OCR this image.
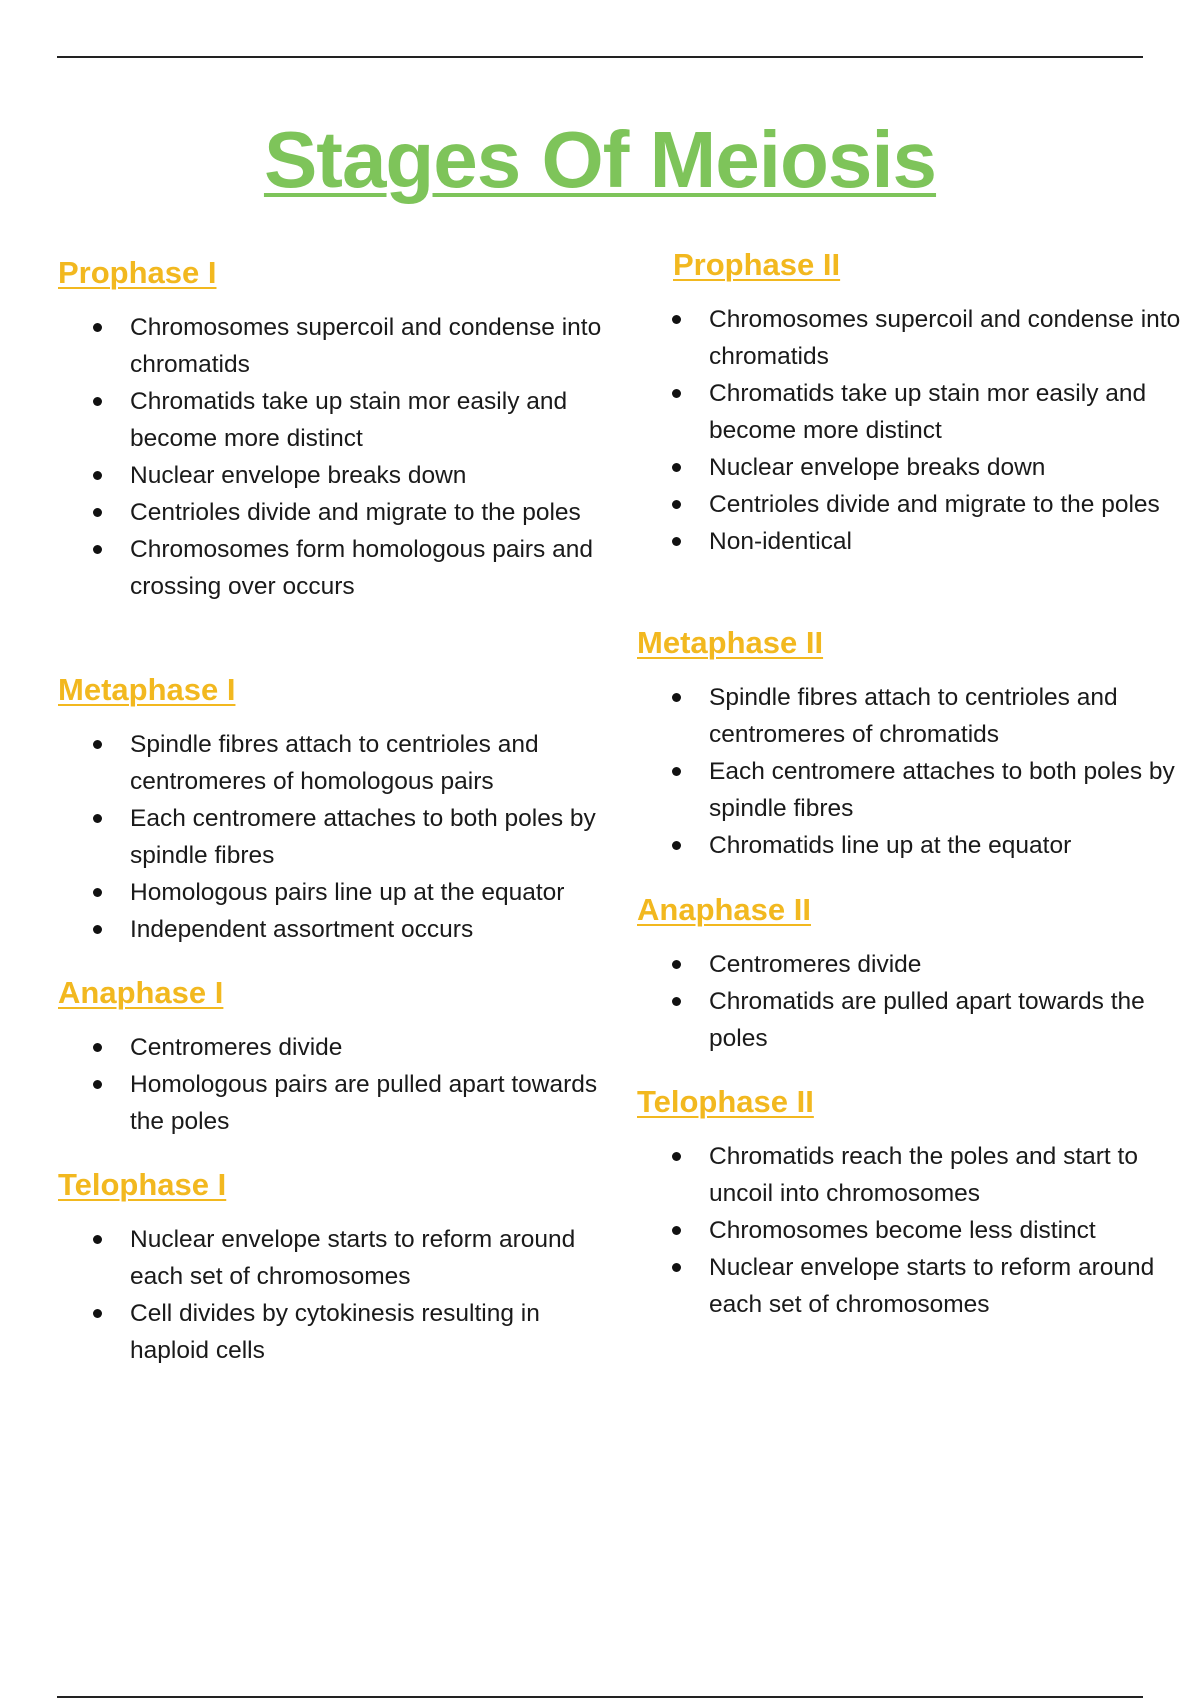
Stages Of Meiosis
Prophase I
Chromosomes supercoil and condense into chromatids
Chromatids take up stain mor easily and become more distinct
Nuclear envelope breaks down
Centrioles divide and migrate to the poles
Chromosomes form homologous pairs and crossing over occurs
Metaphase I
Spindle fibres attach to centrioles and centromeres of homologous pairs
Each centromere attaches to both poles by spindle fibres
Homologous pairs line up at the equator
Independent assortment occurs
Anaphase I
Centromeres divide
Homologous pairs are pulled apart towards the poles
Telophase I
Nuclear envelope starts to reform around each set of chromosomes
Cell divides by cytokinesis resulting in haploid cells
Prophase II
Chromosomes supercoil and condense into chromatids
Chromatids take up stain mor easily and become more distinct
Nuclear envelope breaks down
Centrioles divide and migrate to the poles
Non-identical
Metaphase II
Spindle fibres attach to centrioles and centromeres of chromatids
Each centromere attaches to both poles by spindle fibres
Chromatids line up at the equator
Anaphase II
Centromeres divide
Chromatids are pulled apart towards the poles
Telophase II
Chromatids reach the poles and start to uncoil into chromosomes
Chromosomes become less distinct
Nuclear envelope starts to reform around each set of chromosomes
